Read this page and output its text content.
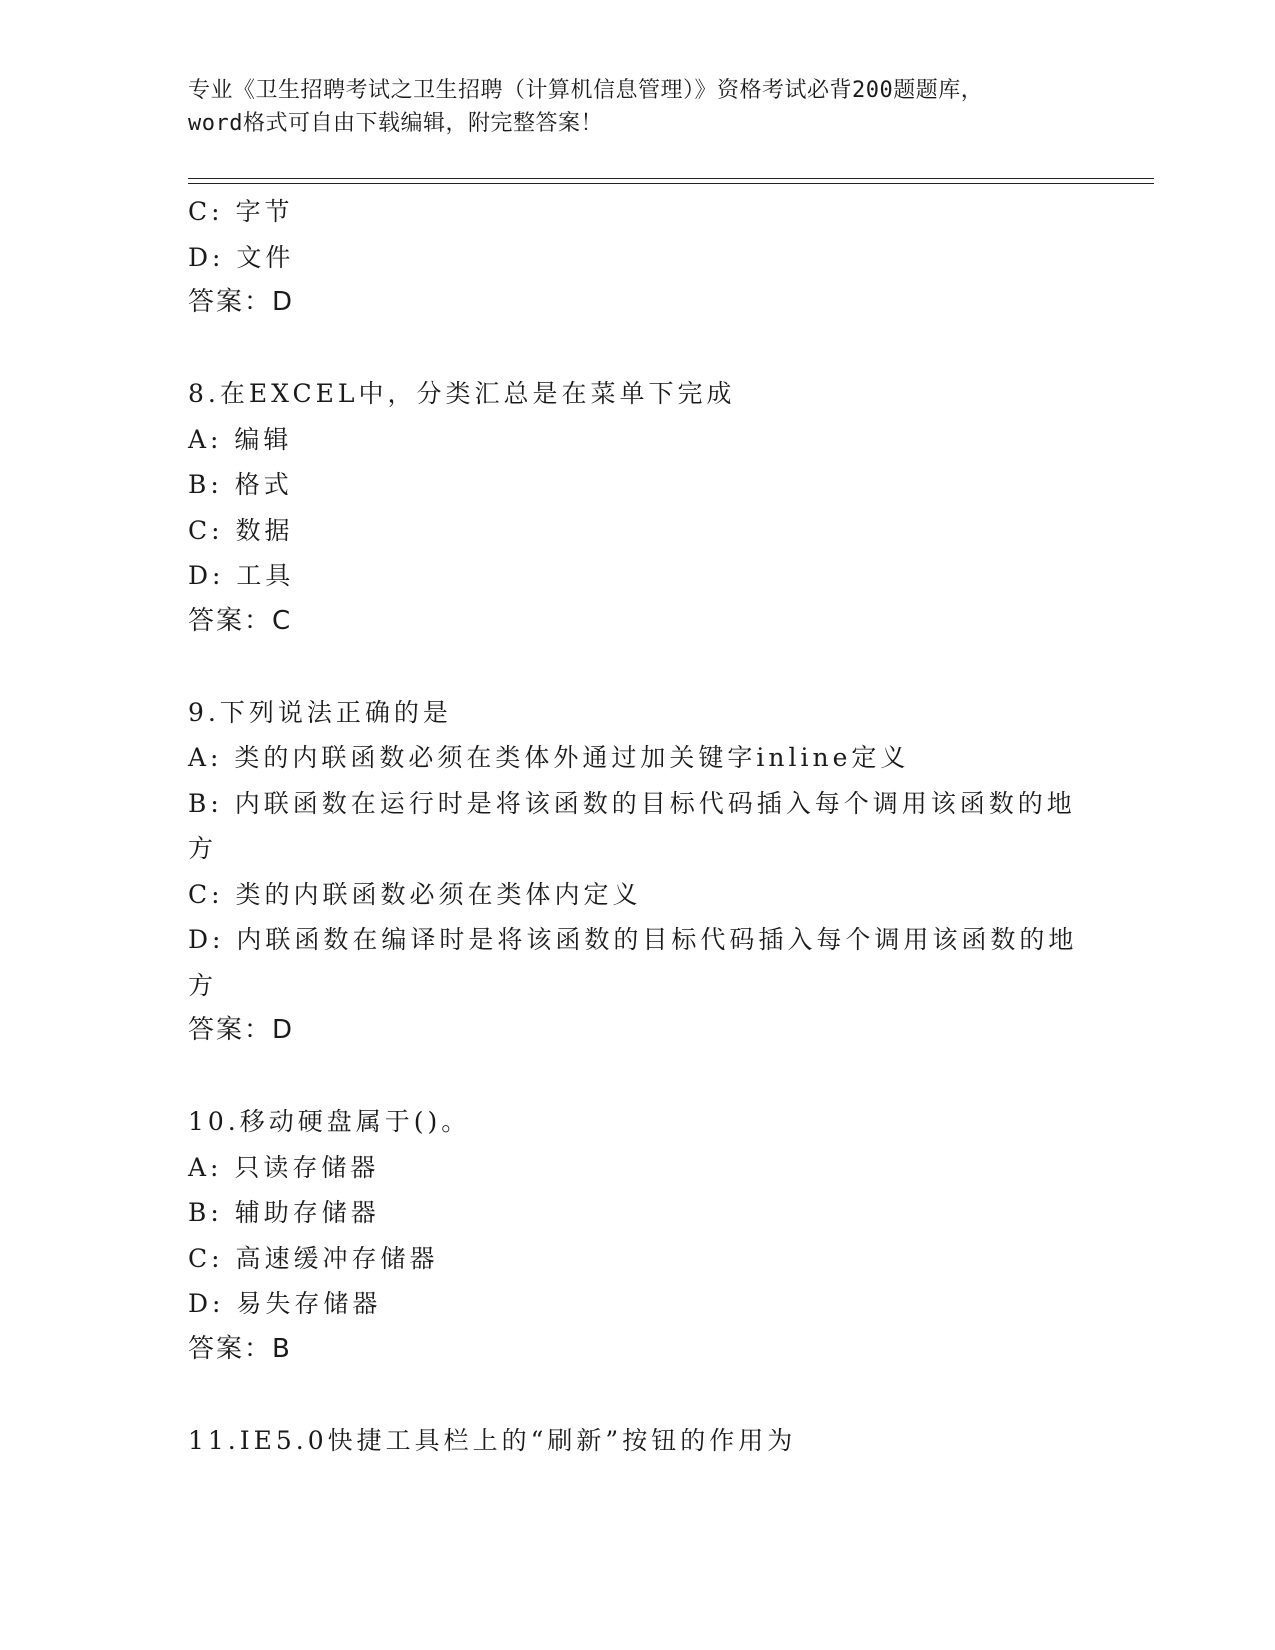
专业《卫生招聘考试之卫生招聘（计算机信息管理）》资格考试必背200题题库，
word格式可自由下载编辑，附完整答案！
C: 字节
D: 文件
答案：D
8.在EXCEL中，分类汇总是在菜单下完成
A: 编辑
B: 格式
C: 数据
D: 工具
答案：C
9.下列说法正确的是
A: 类的内联函数必须在类体外通过加关键字inline定义
B: 内联函数在运行时是将该函数的目标代码插入每个调用该函数的地
方
C: 类的内联函数必须在类体内定义
D: 内联函数在编译时是将该函数的目标代码插入每个调用该函数的地
方
答案：D
10.移动硬盘属于()。
A: 只读存储器
B: 辅助存储器
C: 高速缓冲存储器
D: 易失存储器
答案：B
11.IE5.0快捷工具栏上的“刷新”按钮的作用为
